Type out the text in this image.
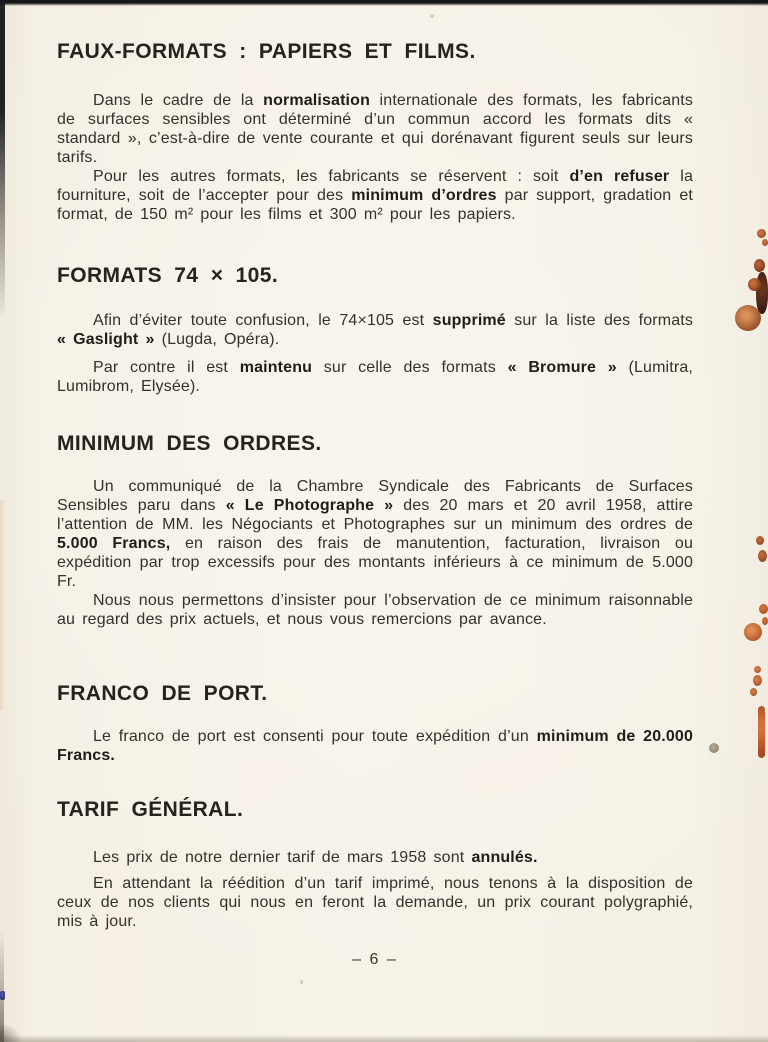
FAUX-FORMATS : PAPIERS ET FILMS.

Dans le cadre de la normalisation internationale des formats, les fabricants de surfaces sensibles ont déterminé d’un commun accord les formats dits « standard », c’est-à-dire de vente courante et qui dorénavant figurent seuls sur leurs tarifs.

Pour les autres formats, les fabricants se réservent : soit d’en refuser la fourniture, soit de l’accepter pour des minimum d’ordres par support, gradation et format, de 150 m² pour les films et 300 m² pour les papiers.

FORMATS 74 × 105.

Afin d’éviter toute confusion, le 74×105 est supprimé sur la liste des formats « Gaslight » (Lugda, Opéra).

Par contre il est maintenu sur celle des formats « Bromure » (Lumitra, Lumibrom, Elysée).

MINIMUM DES ORDRES.

Un communiqué de la Chambre Syndicale des Fabricants de Surfaces Sensibles paru dans « Le Photographe » des 20 mars et 20 avril 1958, attire l’attention de MM. les Négociants et Photographes sur un minimum des ordres de 5.000 Francs, en raison des frais de manutention, facturation, livraison ou expédition par trop excessifs pour des montants inférieurs à ce minimum de 5.000 Fr.

Nous nous permettons d’insister pour l’observation de ce minimum raisonnable au regard des prix actuels, et nous vous remercions par avance.

FRANCO DE PORT.

Le franco de port est consenti pour toute expédition d’un minimum de 20.000 Francs.

TARIF GÉNÉRAL.

Les prix de notre dernier tarif de mars 1958 sont annulés.

En attendant la réédition d’un tarif imprimé, nous tenons à la disposition de ceux de nos clients qui nous en feront la demande, un prix courant polygraphié, mis à jour.

– 6 –
